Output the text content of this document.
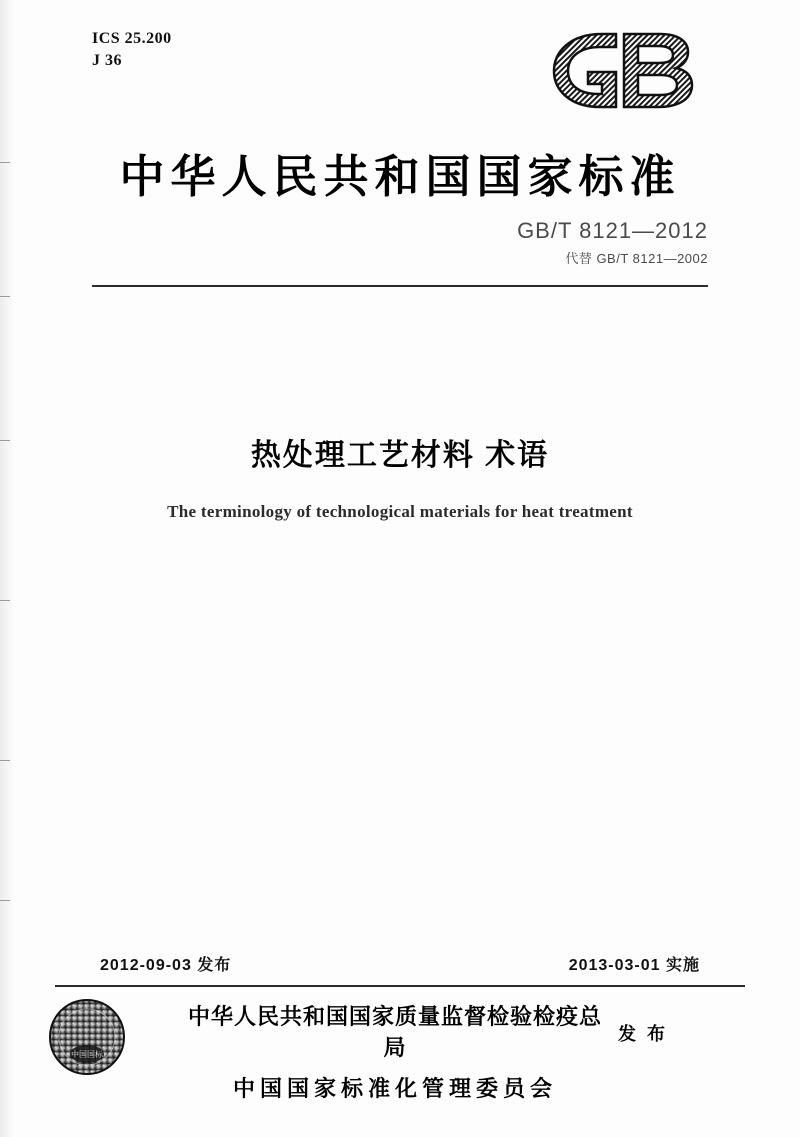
ICS 25.200
J 36
中华人民共和国国家标准
GB/T 8121—2012
代替 GB/T 8121—2002
热处理工艺材料 术语
The terminology of technological materials for heat treatment
2012-09-03 发布	2013-03-01 实施
中国国标
中华人民共和国国家质量监督检验检疫总局
中国国家标准化管理委员会
发 布
